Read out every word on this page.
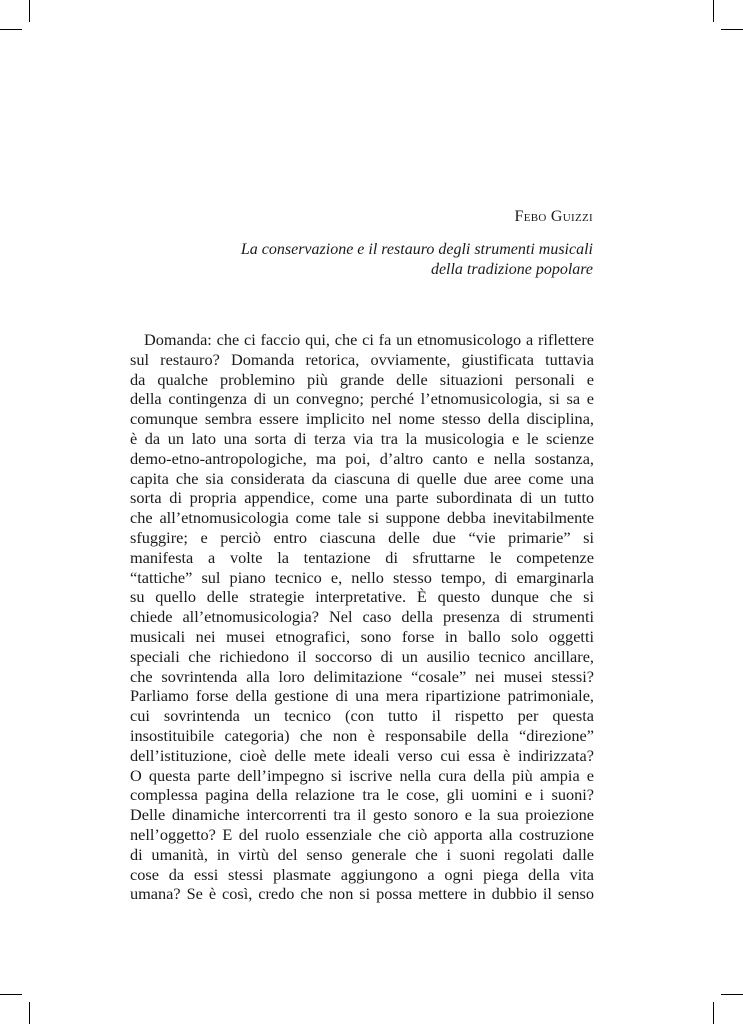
Febo Guizzi
La conservazione e il restauro degli strumenti musicali
della tradizione popolare
Domanda: che ci faccio qui, che ci fa un etnomusicologo a riflettere
sul restauro? Domanda retorica, ovviamente, giustificata tuttavia
da qualche problemino più grande delle situazioni personali e
della contingenza di un convegno; perché l’etnomusicologia, si sa e
comunque sembra essere implicito nel nome stesso della disciplina,
è da un lato una sorta di terza via tra la musicologia e le scienze
demo-etno-antropologiche, ma poi, d’altro canto e nella sostanza,
capita che sia considerata da ciascuna di quelle due aree come una
sorta di propria appendice, come una parte subordinata di un tutto
che all’etnomusicologia come tale si suppone debba inevitabilmente
sfuggire; e perciò entro ciascuna delle due “vie primarie” si
manifesta a volte la tentazione di sfruttarne le competenze
“tattiche” sul piano tecnico e, nello stesso tempo, di emarginarla
su quello delle strategie interpretative. È questo dunque che si
chiede all’etnomusicologia? Nel caso della presenza di strumenti
musicali nei musei etnografici, sono forse in ballo solo oggetti
speciali che richiedono il soccorso di un ausilio tecnico ancillare,
che sovrintenda alla loro delimitazione “cosale” nei musei stessi?
Parliamo forse della gestione di una mera ripartizione patrimoniale,
cui sovrintenda un tecnico (con tutto il rispetto per questa
insostituibile categoria) che non è responsabile della “direzione”
dell’istituzione, cioè delle mete ideali verso cui essa è indirizzata?
O questa parte dell’impegno si iscrive nella cura della più ampia e
complessa pagina della relazione tra le cose, gli uomini e i suoni?
Delle dinamiche intercorrenti tra il gesto sonoro e la sua proiezione
nell’oggetto? E del ruolo essenziale che ciò apporta alla costruzione
di umanità, in virtù del senso generale che i suoni regolati dalle
cose da essi stessi plasmate aggiungono a ogni piega della vita
umana? Se è così, credo che non si possa mettere in dubbio il senso
